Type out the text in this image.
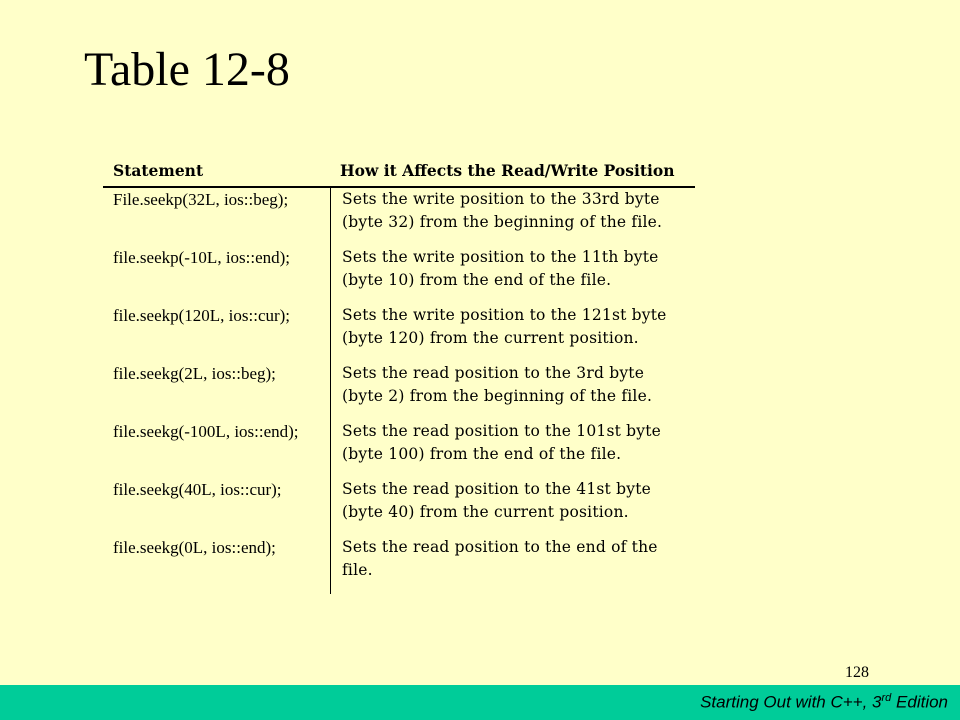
Table 12-8
Statement	How it Affects the Read/Write Position
File.seekp(32L, ios::beg);	Sets the write position to the 33rd byte
(byte 32) from the beginning of the file.
file.seekp(-10L, ios::end);	Sets the write position to the 11th byte
(byte 10) from the end of the file.
file.seekp(120L, ios::cur);	Sets the write position to the 121st byte
(byte 120) from the current position.
file.seekg(2L, ios::beg);	Sets the read position to the 3rd byte
(byte 2) from the beginning of the file.
file.seekg(-100L, ios::end);	Sets the read position to the 101st byte
(byte 100) from the end of the file.
file.seekg(40L, ios::cur);	Sets the read position to the 41st byte
(byte 40) from the current position.
file.seekg(0L, ios::end);	Sets the read position to the end of the
file.
128
Starting Out with C++, 3rd Edition
